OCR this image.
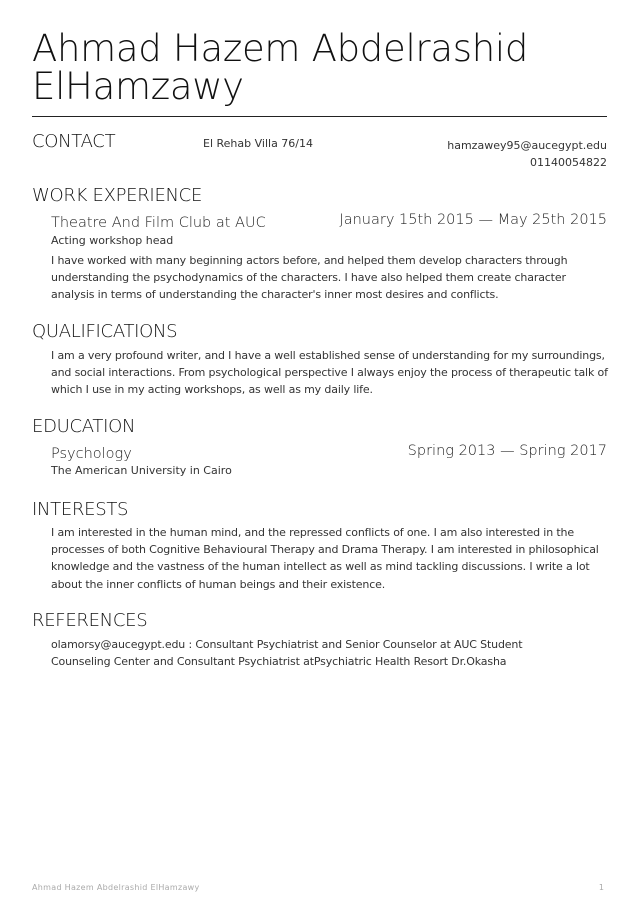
Ahmad Hazem Abdelrashid ElHamzawy
CONTACT	El Rehab Villa 76/14	hamzawey95@aucegypt.edu
01140054822
WORK EXPERIENCE
Theatre And Film Club at AUC	January 15th 2015 — May 25th 2015
Acting workshop head
I have worked with many beginning actors before, and helped them develop characters through understanding the psychodynamics of the characters. I have also helped them create character analysis in terms of understanding the character's inner most desires and conflicts.
QUALIFICATIONS
I am a very profound writer, and I have a well established sense of understanding for my surroundings, and social interactions. From psychological perspective I always enjoy the process of therapeutic talk of which I use in my acting workshops, as well as my daily life.
EDUCATION
Psychology	Spring 2013 — Spring 2017
The American University in Cairo
INTERESTS
I am interested in the human mind, and the repressed conflicts of one. I am also interested in the processes of both Cognitive Behavioural Therapy and Drama Therapy. I am interested in philosophical knowledge and the vastness of the human intellect as well as mind tackling discussions. I write a lot about the inner conflicts of human beings and their existence.
REFERENCES
olamorsy@aucegypt.edu : Consultant Psychiatrist and Senior Counselor at AUC Student Counseling Center and Consultant Psychiatrist atPsychiatric Health Resort Dr.Okasha
Ahmad Hazem Abdelrashid ElHamzawy	1
